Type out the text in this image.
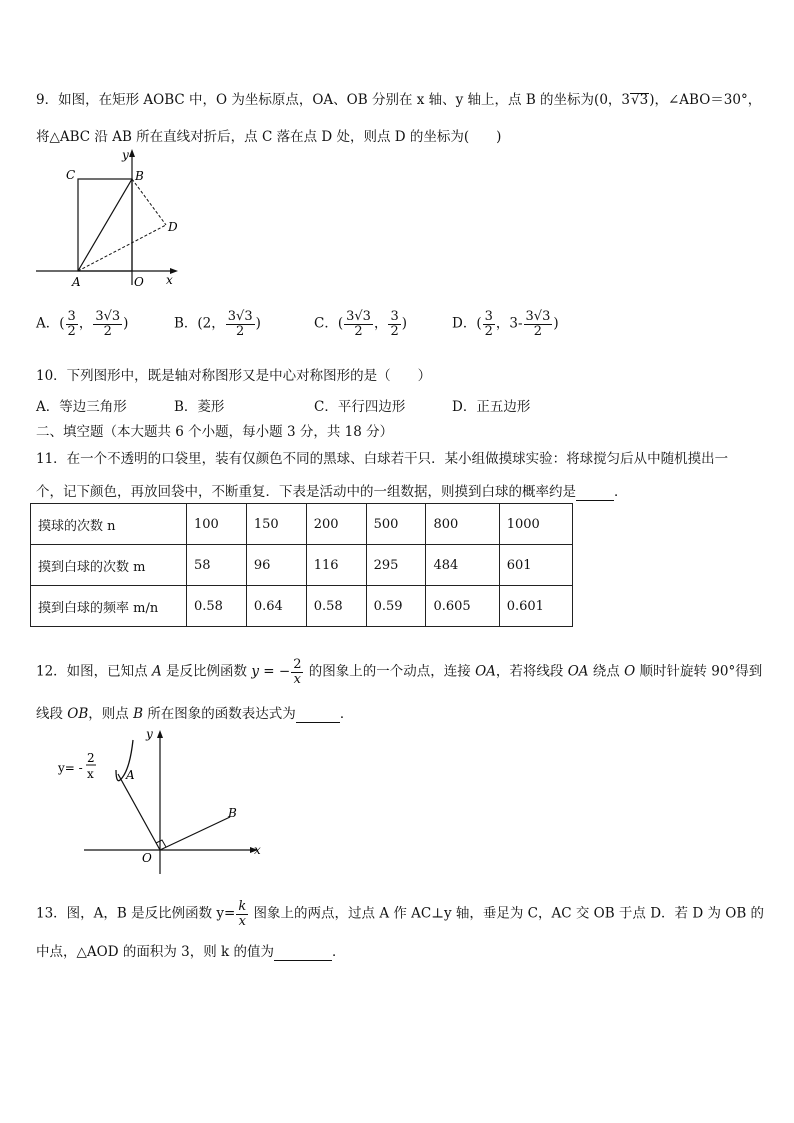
9．如图，在矩形 AOBC 中，O 为坐标原点，OA、OB 分别在 x 轴、y 轴上，点 B 的坐标为(0，3√3)，∠ABO＝30°，
将△ABC 沿 AB 所在直线对折后，点 C 落在点 D 处，则点 D 的坐标为(　　)
y
x
C	B
D
A	O
A．( $\frac{3}{2}$ ， $\frac{3√3}{2}$ )	B．(2， $\frac{3√3}{2}$ )	C．( $\frac{3√3}{2}$ ， $\frac{3}{2}$ )	D．( $\frac{3}{2}$ ，$3- \frac{3√3}{2}$ )
10．下列图形中，既是轴对称图形又是中心对称图形的是（　　）
A．等边三角形	B．菱形	C．平行四边形	D．正五边形
二、填空题（本大题共 6 个小题，每小题 3 分，共 18 分）
11．在一个不透明的口袋里，装有仅颜色不同的黑球、白球若干只．某小组做摸球实验：将球搅匀后从中随机摸出一
个，记下颜色，再放回袋中，不断重复．下表是活动中的一组数据，则摸到白球的概率约是	．
摸球的次数 n	100	150	200	500	800	1000
摸到白球的次数 m	58	96	116	295	484	601
摸到白球的频率 m/n	0.58	0.64	0.58	0.59	0.605	0.601
12．如图，已知点 A 是反比例函数 y = − $\frac{2}{x}$ 的图象上的一个动点，连接 OA，若将线段 OA 绕点 O 顺时针旋转 90°得到
线段 OB，则点 B 所在图象的函数表达式为	．
y= -
2
x
y
x
A
B
O
13．图，A，B 是反比例函数 $y= \frac{k}{x}$ 图象上的两点，过点 A 作 AC⊥y 轴，垂足为 C，AC 交 OB 于点 D．若 D 为 OB 的
中点，△AOD 的面积为 3，则 k 的值为	．
